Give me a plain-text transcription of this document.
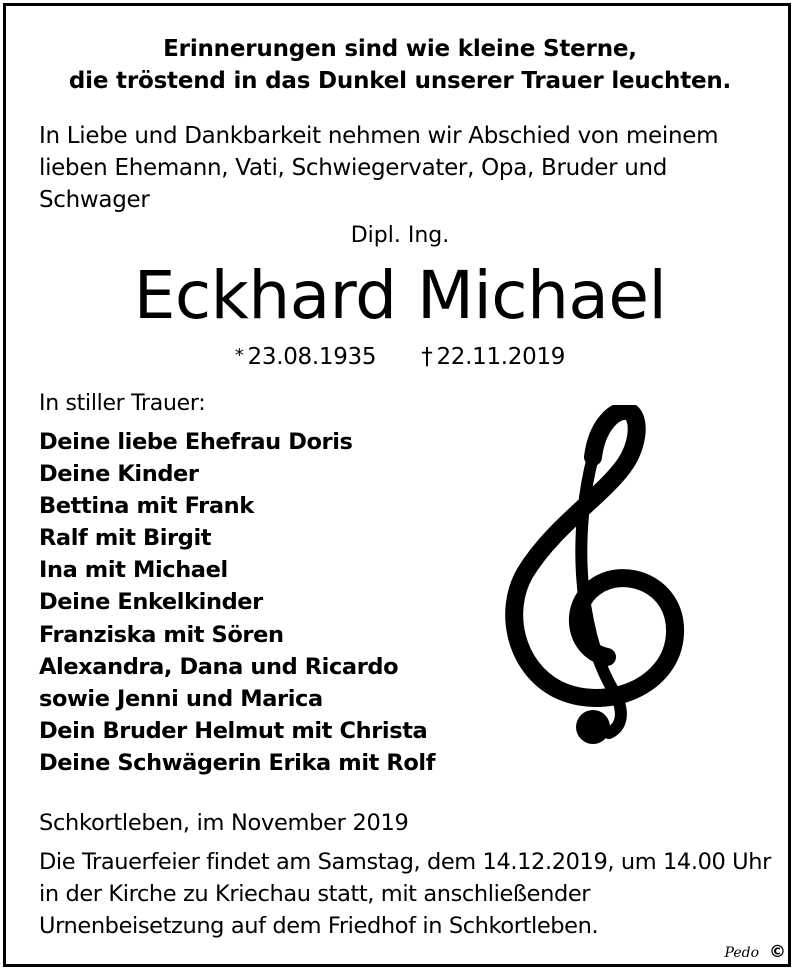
Erinnerungen sind wie kleine Sterne,
die tröstend in das Dunkel unserer Trauer leuchten.
In Liebe und Dankbarkeit nehmen wir Abschied von meinem lieben Ehemann, Vati, Schwiegervater, Opa, Bruder und Schwager
Dipl. Ing.
Eckhard Michael
* 23.08.1935 † 22.11.2019
In stiller Trauer:
Deine liebe Ehefrau Doris
Deine Kinder
Bettina mit Frank
Ralf mit Birgit
Ina mit Michael
Deine Enkelkinder
Franziska mit Sören
Alexandra, Dana und Ricardo
sowie Jenni und Marica
Dein Bruder Helmut mit Christa
Deine Schwägerin Erika mit Rolf
Schkortleben, im November 2019
Die Trauerfeier findet am Samstag, dem 14.12.2019, um 14.00 Uhr in der Kirche zu Kriechau statt, mit anschließender Urnenbeisetzung auf dem Friedhof in Schkortleben.
Pedo ©
